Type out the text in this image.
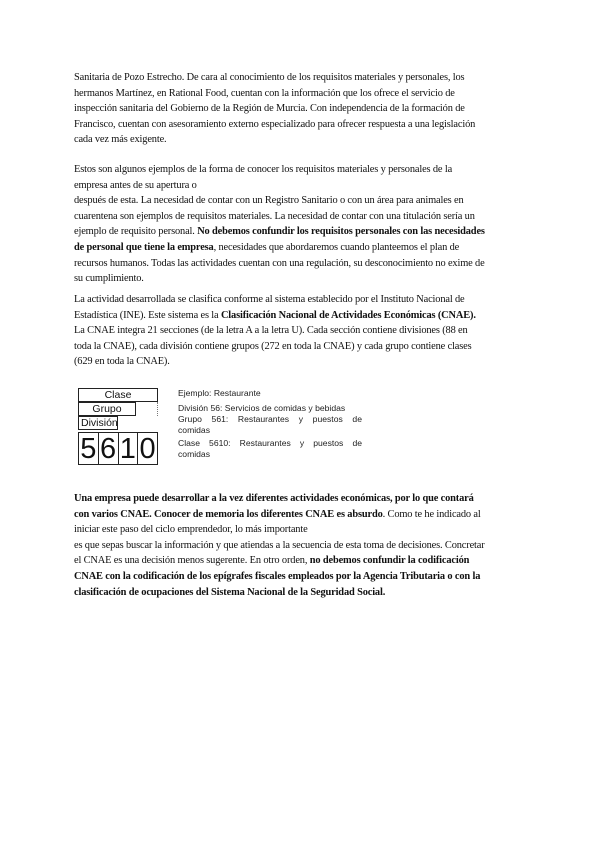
Sanitaria de Pozo Estrecho. De cara al conocimiento de los requisitos materiales y personales, los
hermanos Martínez, en Rational Food, cuentan con la información que los ofrece el servicio de
inspección sanitaria del Gobierno de la Región de Murcia. Con independencia de la formación de
Francisco, cuentan con asesoramiento externo especializado para ofrecer respuesta a una legislación
cada vez más exigente.
Estos son algunos ejemplos de la forma de conocer los requisitos materiales y personales de la
empresa antes de su apertura o
después de esta. La necesidad de contar con un Registro Sanitario o con un área para animales en
cuarentena son ejemplos de requisitos materiales. La necesidad de contar con una titulación sería un
ejemplo de requisito personal. No debemos confundir los requisitos personales con las necesidades
de personal que tiene la empresa, necesidades que abordaremos cuando planteemos el plan de
recursos humanos. Todas las actividades cuentan con una regulación, su desconocimiento no exime de
su cumplimiento.
La actividad desarrollada se clasifica conforme al sistema establecido por el Instituto Nacional de
Estadística (INE). Este sistema es la Clasificación Nacional de Actividades Económicas (CNAE).
La CNAE integra 21 secciones (de la letra A a la letra U). Cada sección contiene divisiones (88 en
toda la CNAE), cada división contiene grupos (272 en toda la CNAE) y cada grupo contiene clases
(629 en toda la CNAE).
Clase
Grupo
División
5 6 1 0
Ejemplo: Restaurante
División 56: Servicios de comidas y bebidas
Grupo 561: Restaurantes y puestos de
comidas
Clase 5610: Restaurantes y puestos de
comidas
Una empresa puede desarrollar a la vez diferentes actividades económicas, por lo que contará
con varios CNAE. Conocer de memoria los diferentes CNAE es absurdo. Como te he indicado al
iniciar este paso del ciclo emprendedor, lo más importante
es que sepas buscar la información y que atiendas a la secuencia de esta toma de decisiones. Concretar
el CNAE es una decisión menos sugerente. En otro orden, no debemos confundir la codificación
CNAE con la codificación de los epígrafes fiscales empleados por la Agencia Tributaria o con la
clasificación de ocupaciones del Sistema Nacional de la Seguridad Social.
